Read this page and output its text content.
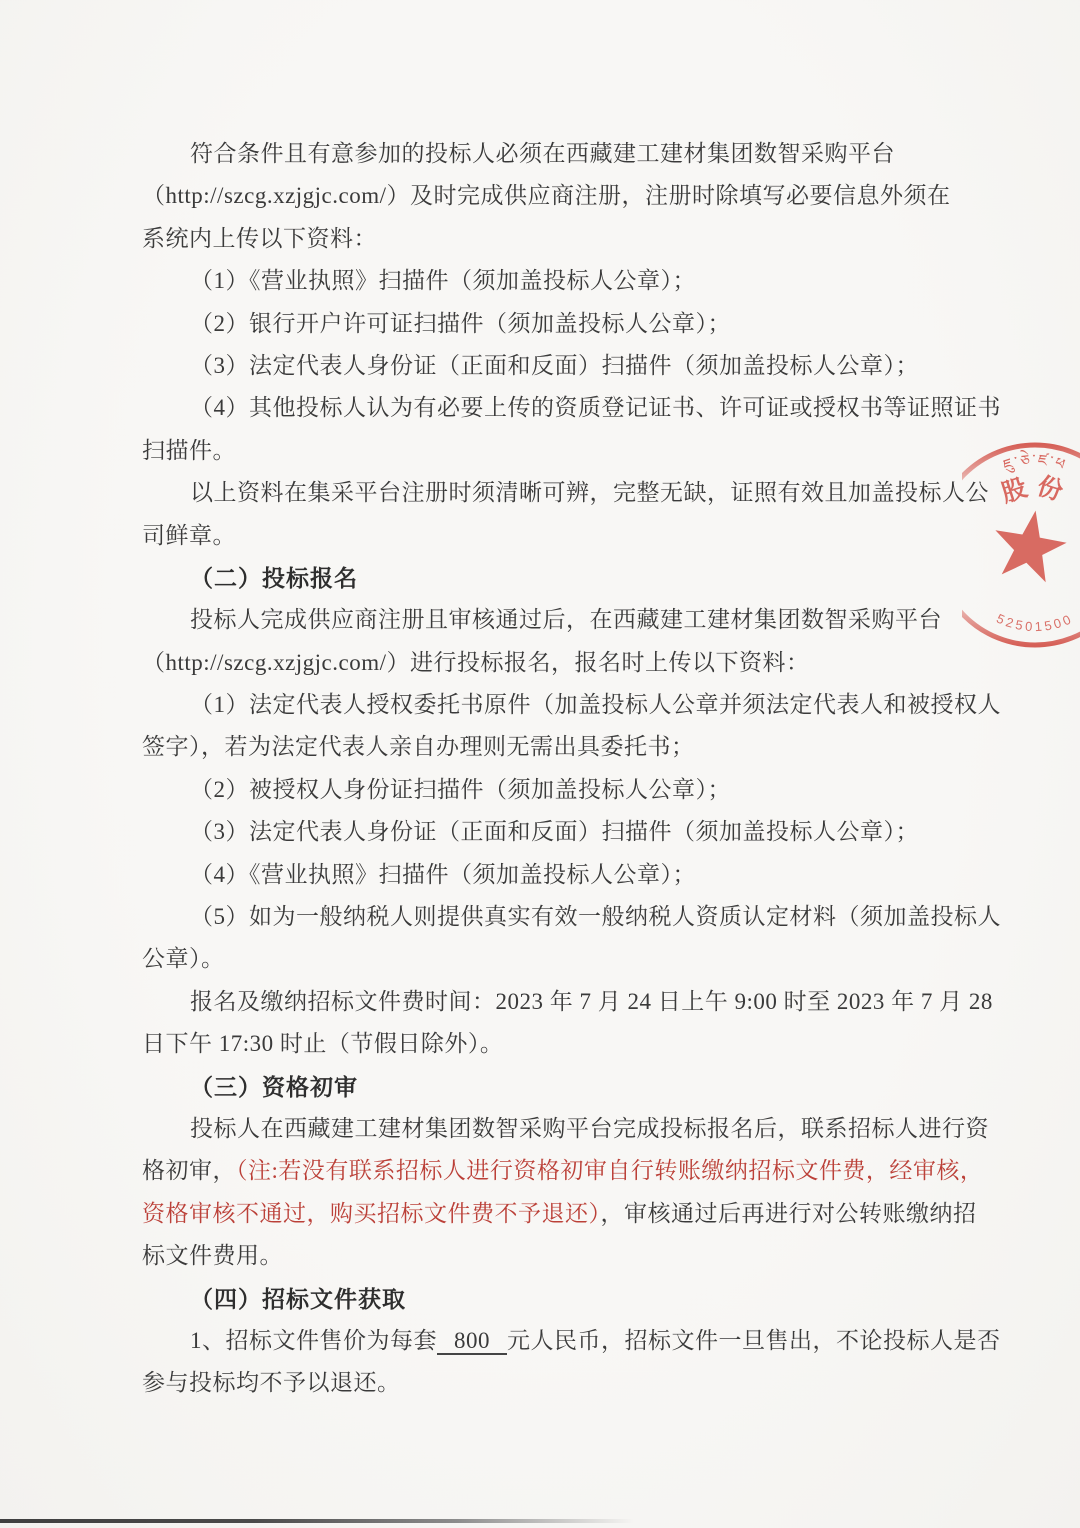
符合条件且有意参加的投标人必须在西藏建工建材集团数智采购平台
（http://szcg.xzjgjc.com/）及时完成供应商注册，注册时除填写必要信息外须在
系统内上传以下资料：
（1）《营业执照》扫描件（须加盖投标人公章）；
（2）银行开户许可证扫描件（须加盖投标人公章）；
（3）法定代表人身份证（正面和反面）扫描件（须加盖投标人公章）；
（4）其他投标人认为有必要上传的资质登记证书、许可证或授权书等证照证书
扫描件。
以上资料在集采平台注册时须清晰可辨，完整无缺，证照有效且加盖投标人公
司鲜章。
（二）投标报名
投标人完成供应商注册且审核通过后，在西藏建工建材集团数智采购平台
（http://szcg.xzjgjc.com/）进行投标报名，报名时上传以下资料：
（1）法定代表人授权委托书原件（加盖投标人公章并须法定代表人和被授权人
签字），若为法定代表人亲自办理则无需出具委托书；
（2）被授权人身份证扫描件（须加盖投标人公章）；
（3）法定代表人身份证（正面和反面）扫描件（须加盖投标人公章）；
（4）《营业执照》扫描件（须加盖投标人公章）；
（5）如为一般纳税人则提供真实有效一般纳税人资质认定材料（须加盖投标人
公章）。
报名及缴纳招标文件费时间：2023 年 7 月 24 日上午 9:00 时至 2023 年 7 月 28
日下午 17:30 时止（节假日除外）。
（三）资格初审
投标人在西藏建工建材集团数智采购平台完成投标报名后，联系招标人进行资
格初审，（注:若没有联系招标人进行资格初审自行转账缴纳招标文件费，经审核，
资格审核不通过，购买招标文件费不予退还），审核通过后再进行对公转账缴纳招
标文件费用。
（四）招标文件获取
1、招标文件售价为每套 800 元人民币，招标文件一旦售出，不论投标人是否
参与投标均不予以退还。
ཇུ་ཅེ་ཛ་ཕ
股份
52501500
